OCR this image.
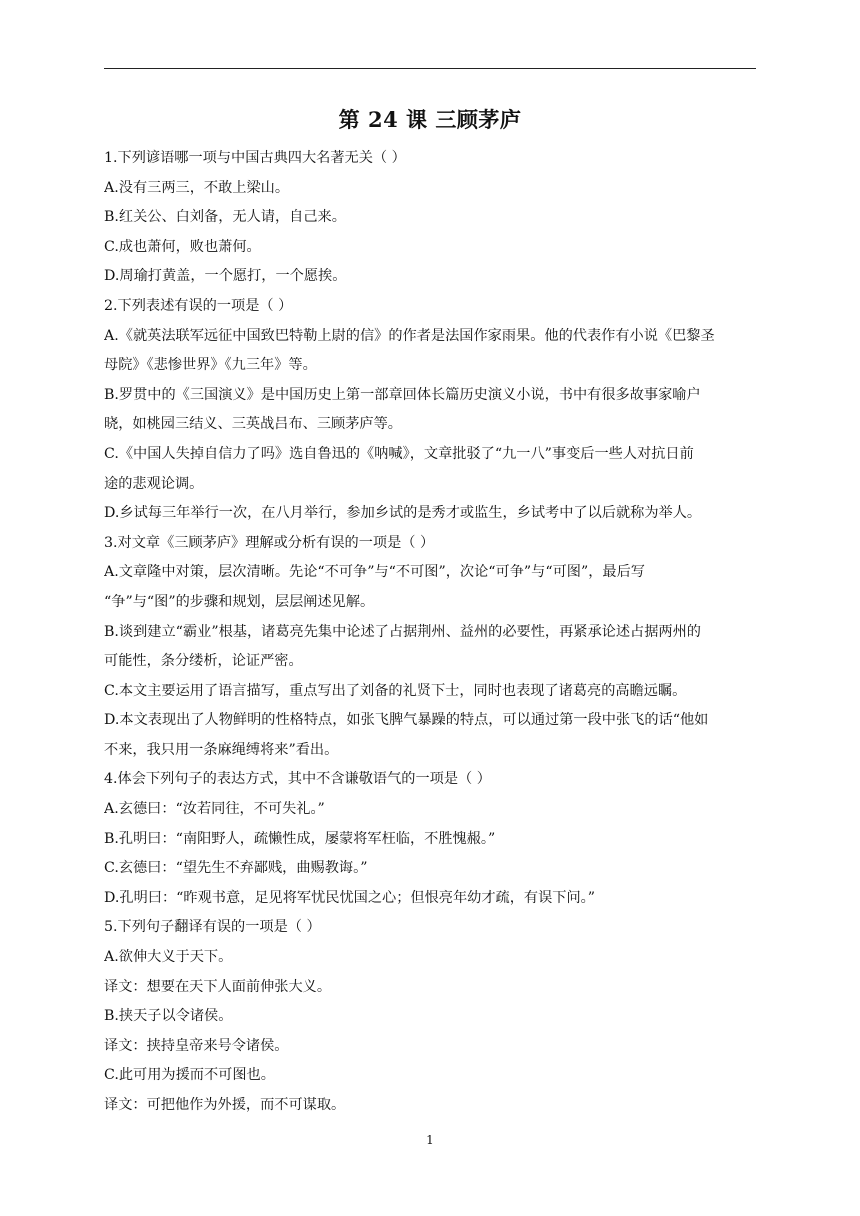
第 24 课 三顾茅庐
1.下列谚语哪一项与中国古典四大名著无关（ ）
A.没有三两三，不敢上梁山。
B.红关公、白刘备，无人请，自己来。
C.成也萧何，败也萧何。
D.周瑜打黄盖，一个愿打，一个愿挨。
2.下列表述有误的一项是（ ）
A.《就英法联军远征中国致巴特勒上尉的信》的作者是法国作家雨果。他的代表作有小说《巴黎圣
母院》《悲惨世界》《九三年》等。
B.罗贯中的《三国演义》是中国历史上第一部章回体长篇历史演义小说，书中有很多故事家喻户
晓，如桃园三结义、三英战吕布、三顾茅庐等。
C.《中国人失掉自信力了吗》选自鲁迅的《呐喊》，文章批驳了“九一八”事变后一些人对抗日前
途的悲观论调。
D.乡试每三年举行一次，在八月举行，参加乡试的是秀才或监生，乡试考中了以后就称为举人。
3.对文章《三顾茅庐》理解或分析有误的一项是（ ）
A.文章隆中对策，层次清晰。先论“不可争”与“不可图”，次论“可争”与“可图”，最后写
“争”与“图”的步骤和规划，层层阐述见解。
B.谈到建立“霸业”根基，诸葛亮先集中论述了占据荆州、益州的必要性，再紧承论述占据两州的
可能性，条分缕析，论证严密。
C.本文主要运用了语言描写，重点写出了刘备的礼贤下士，同时也表现了诸葛亮的高瞻远瞩。
D.本文表现出了人物鲜明的性格特点，如张飞脾气暴躁的特点，可以通过第一段中张飞的话“他如
不来，我只用一条麻绳缚将来”看出。
4.体会下列句子的表达方式，其中不含谦敬语气的一项是（ ）
A.玄德曰：“汝若同往，不可失礼。”
B.孔明曰：“南阳野人，疏懒性成，屡蒙将军枉临，不胜愧赧。”
C.玄德曰：“望先生不弃鄙贱，曲赐教诲。”
D.孔明曰：“昨观书意，足见将军忧民忧国之心；但恨亮年幼才疏，有误下问。”
5.下列句子翻译有误的一项是（ ）
A.欲伸大义于天下。
译文：想要在天下人面前伸张大义。
B.挟天子以令诸侯。
译文：挟持皇帝来号令诸侯。
C.此可用为援而不可图也。
译文：可把他作为外援，而不可谋取。
1
